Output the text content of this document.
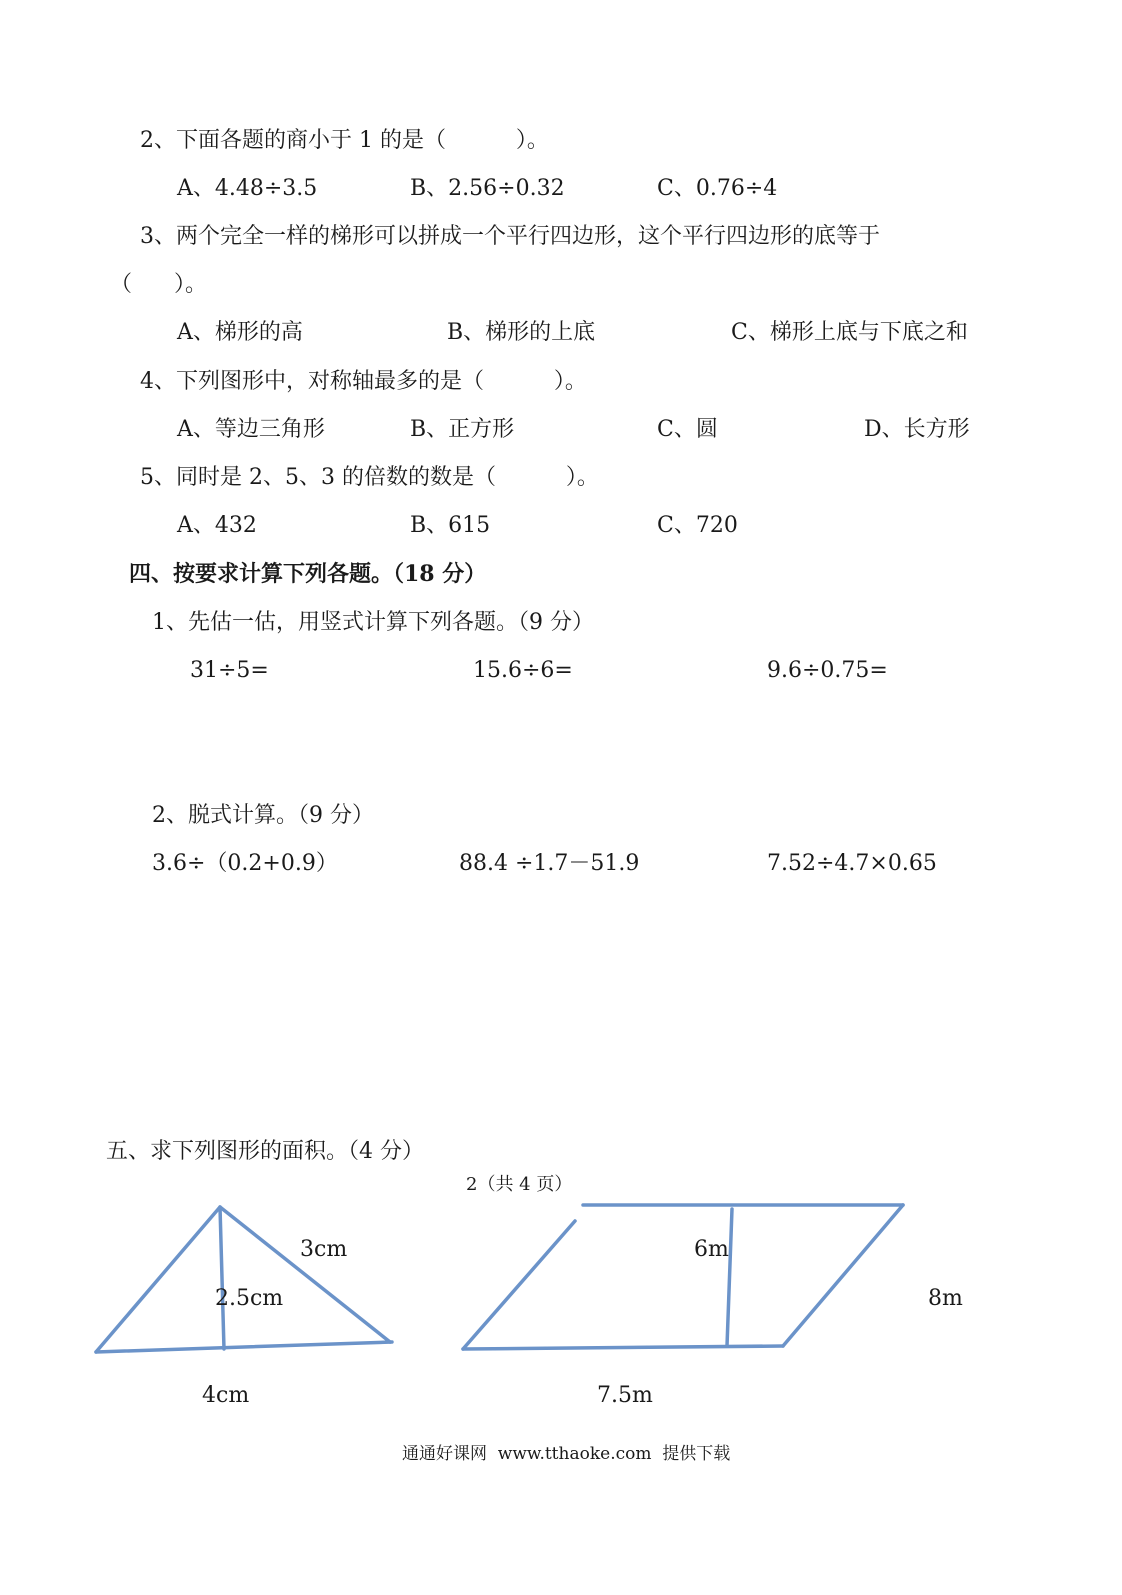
2、下面各题的商小于 1 的是（          ）。
A、4.48÷3.5	B、2.56÷0.32	C、0.76÷4
3、两个完全一样的梯形可以拼成一个平行四边形，这个平行四边形的底等于
（      ）。
A、梯形的高	B、梯形的上底	C、梯形上底与下底之和
4、下列图形中，对称轴最多的是（          ）。
A、等边三角形	B、正方形	C、圆	D、长方形
5、同时是 2、5、3 的倍数的数是（          ）。
A、432	B、615	C、720
四、按要求计算下列各题。（18 分）
1、先估一估，用竖式计算下列各题。（9 分）
31÷5=	15.6÷6=	9.6÷0.75=
2、脱式计算。（9 分）
3.6÷（0.2+0.9）	88.4 ÷1.7－51.9	7.52÷4.7×0.65
五、求下列图形的面积。（4 分）
2（共 4 页）
3cm
2.5cm
4cm
6m
8m
7.5m
通通好课网  www.tthaoke.com  提供下载
